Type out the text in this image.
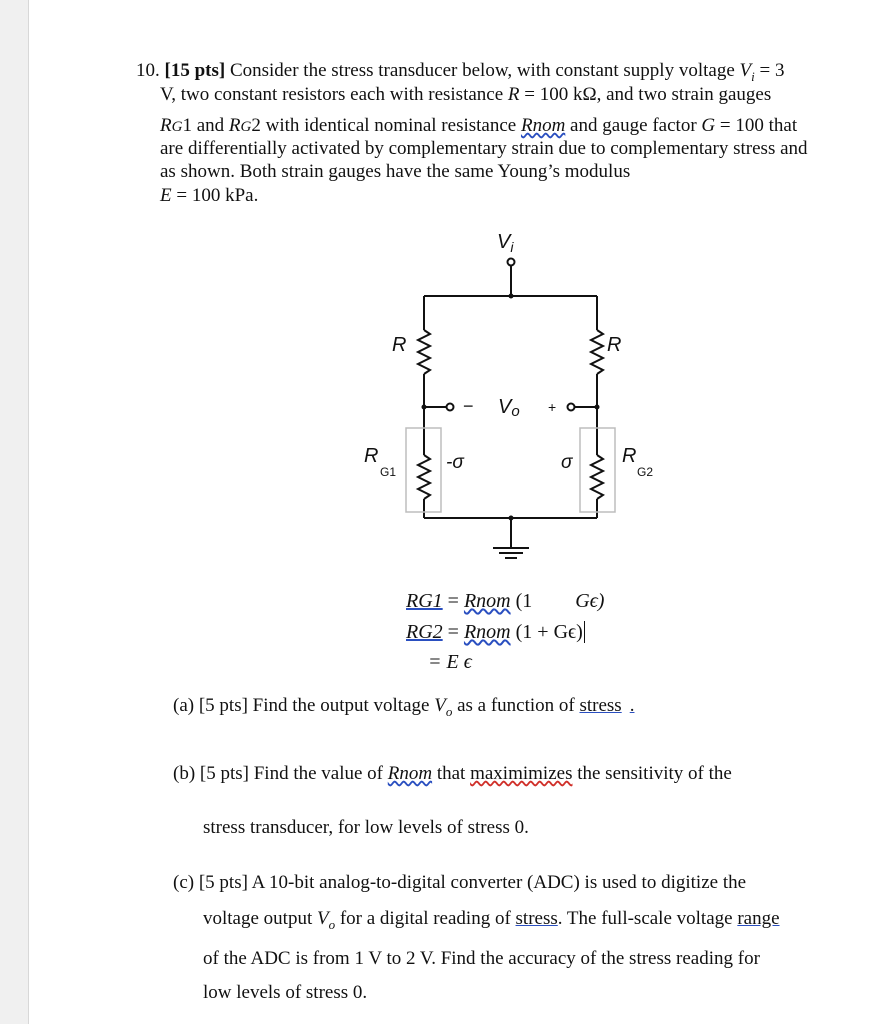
10. [15 pts] Consider the stress transducer below, with constant supply voltage $V_i = 3$
V, two constant resistors each with resistance R = 100 kΩ, and two strain gauges
RG1 and RG2 with identical nominal resistance Rnom and gauge factor G = 100 that
are differentially activated by complementary strain due to complementary stress and
as shown. Both strain gauges have the same Young’s modulus
E = 100 kPa.
$V_i$
R	R
− Vo +
R
G1
R
G2
-σ	σ
RG1 = Rnom (1 Gϵ)
RG2 = Rnom (1 + Gϵ)
= E ϵ
(a) [5 pts] Find the output voltage $V_o$ as a function of stress .
(b) [5 pts] Find the value of Rnom that maximimizes the sensitivity of the
stress transducer, for low levels of stress 0.
(c) [5 pts] A 10-bit analog-to-digital converter (ADC) is used to digitize the
voltage output $V_o$ for a digital reading of stress. The full-scale voltage range
of the ADC is from 1 V to 2 V. Find the accuracy of the stress reading for
low levels of stress 0.
